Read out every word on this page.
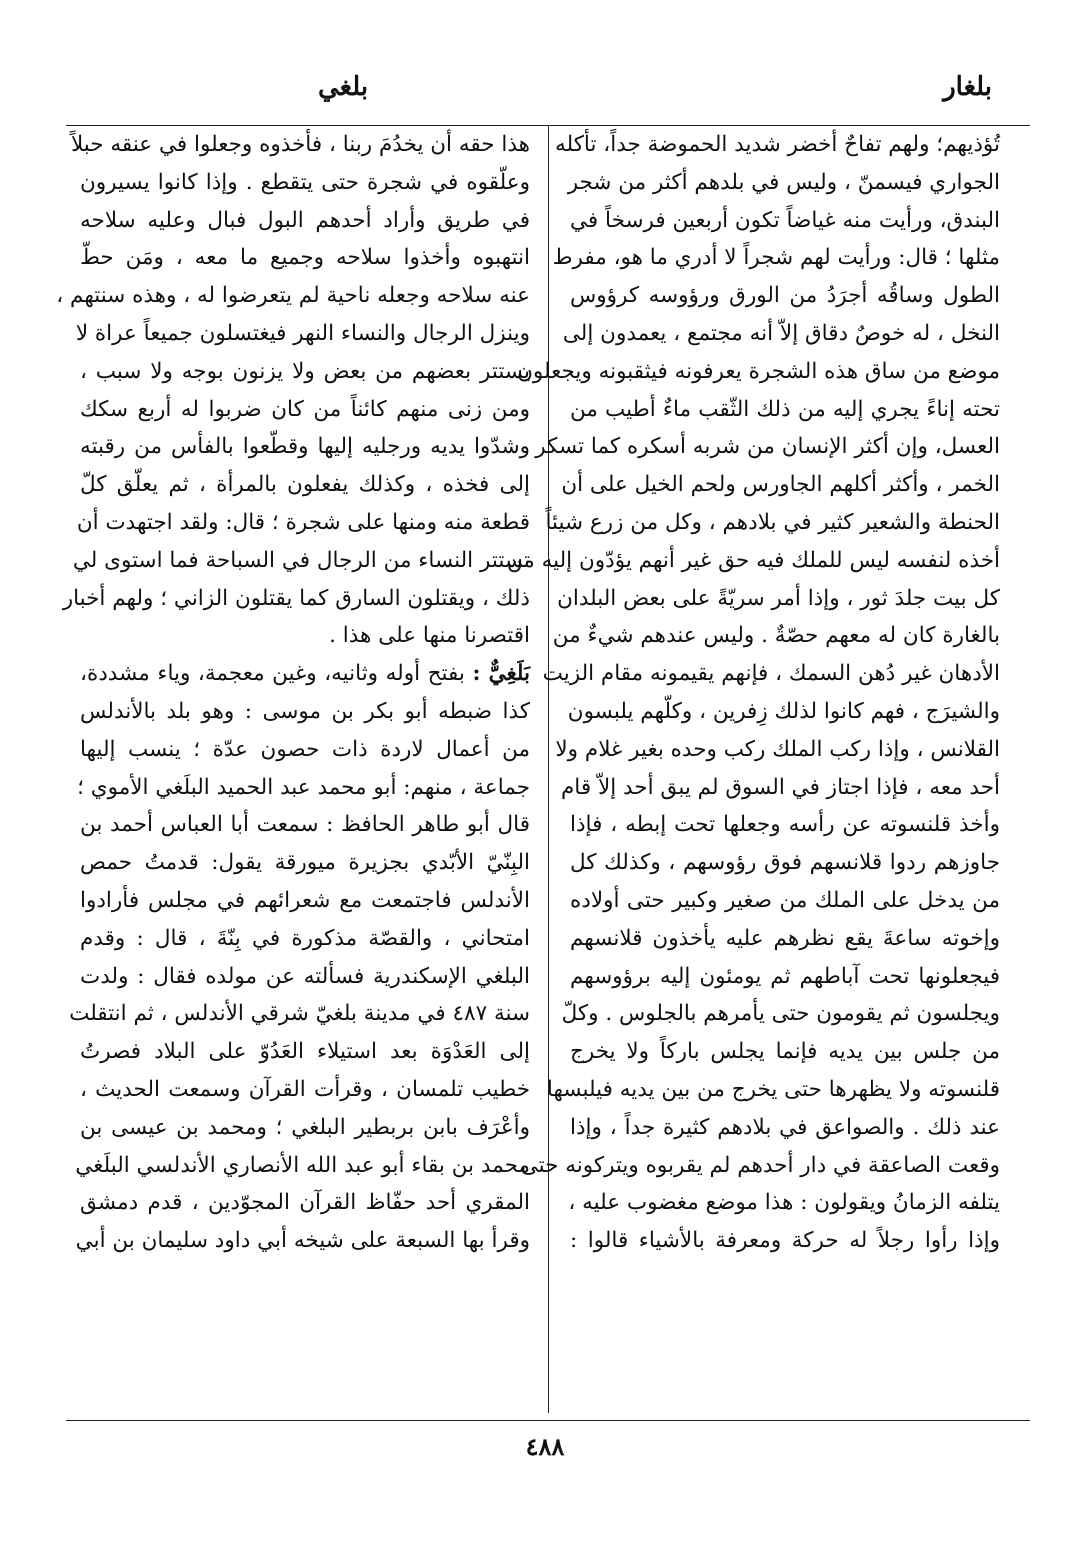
بلغار
بلغي
تُؤذيهم؛ ولهم تفاحٌ أخضر شديد الحموضة جداً، تأكله
الجواري فيسمنّ ، وليس في بلدهم أكثر من شجر
البندق، ورأيت منه غياضاً تكون أربعين فرسخاً في
مثلها ؛ قال: ورأيت لهم شجراً لا أدري ما هو، مفرط
الطول وساقُه أجرَدُ من الورق ورؤوسه كرؤوس
النخل ، له خوصٌ دقاق إلاّ أنه مجتمع ، يعمدون إلى
موضع من ساق هذه الشجرة يعرفونه فيثقبونه ويجعلون
تحته إناءً يجري إليه من ذلك الثّقب ماءٌ أطيب من
العسل، وإن أكثر الإنسان من شربه أسكره كما تسكر
الخمر ، وأكثر أكلهم الجاورس ولحم الخيل على أن
الحنطة والشعير كثير في بلادهم ، وكل من زرع شيئاً
أخذه لنفسه ليس للملك فيه حق غير أنهم يؤدّون إليه من
كل بيت جلدَ ثور ، وإذا أمر سريّةً على بعض البلدان
بالغارة كان له معهم حصّةٌ . وليس عندهم شيءٌ من
الأدهان غير دُهن السمك ، فإنهم يقيمونه مقام الزيت
والشيرَج ، فهم كانوا لذلك زِفرين ، وكلّهم يلبسون
القلانس ، وإذا ركب الملك ركب وحده بغير غلام ولا
أحد معه ، فإذا اجتاز في السوق لم يبق أحد إلاّ قام
وأخذ قلنسوته عن رأسه وجعلها تحت إبطه ، فإذا
جاوزهم ردوا قلانسهم فوق رؤوسهم ، وكذلك كل
من يدخل على الملك من صغير وكبير حتى أولاده
وإخوته ساعةَ يقع نظرهم عليه يأخذون قلانسهم
فيجعلونها تحت آباطهم ثم يومئون إليه برؤوسهم
ويجلسون ثم يقومون حتى يأمرهم بالجلوس . وكلّ
من جلس بين يديه فإنما يجلس باركاً ولا يخرج
قلنسوته ولا يظهرها حتى يخرج من بين يديه فيلبسها
عند ذلك . والصواعق في بلادهم كثيرة جداً ، وإذا
وقعت الصاعقة في دار أحدهم لم يقربوه ويتركونه حتى
يتلفه الزمانُ ويقولون : هذا موضع مغضوب عليه ،
وإذا رأوا رجلاً له حركة ومعرفة بالأشياء قالوا :
هذا حقه أن يخدُمَ ربنا ، فأخذوه وجعلوا في عنقه حبلاً
وعلّقوه في شجرة حتى يتقطع . وإذا كانوا يسيرون
في طريق وأراد أحدهم البول فبال وعليه سلاحه
انتهبوه وأخذوا سلاحه وجميع ما معه ، ومَن حطّ
عنه سلاحه وجعله ناحية لم يتعرضوا له ، وهذه سنتهم ،
وينزل الرجال والنساء النهر فيغتسلون جميعاً عراة لا
يستتر بعضهم من بعض ولا يزنون بوجه ولا سبب ،
ومن زنى منهم كائناً من كان ضربوا له أربع سكك
وشدّوا يديه ورجليه إليها وقطّعوا بالفأس من رقبته
إلى فخذه ، وكذلك يفعلون بالمرأة ، ثم يعلّق كلّ
قطعة منه ومنها على شجرة ؛ قال: ولقد اجتهدت أن
تستتر النساء من الرجال في السباحة فما استوى لي
ذلك ، ويقتلون السارق كما يقتلون الزاني ؛ ولهم أخبار
اقتصرنا منها على هذا .
بَلَغِيٌّ : بفتح أوله وثانيه، وغين معجمة، وياء مشددة،
كذا ضبطه أبو بكر بن موسى : وهو بلد بالأندلس
من أعمال لاردة ذات حصون عدّة ؛ ينسب إليها
جماعة ، منهم: أبو محمد عبد الحميد البلَغي الأموي ؛
قال أبو طاهر الحافظ : سمعت أبا العباس أحمد بن
البِنّيّ الأبّدي بجزيرة ميورقة يقول: قدمتُ حمص
الأندلس فاجتمعت مع شعرائهم في مجلس فأرادوا
امتحاني ، والقصّة مذكورة في بِنّةَ ، قال : وقدم
البلغي الإسكندرية فسألته عن مولده فقال : ولدت
سنة ٤٨٧ في مدينة بلغيّ شرقي الأندلس ، ثم انتقلت
إلى العَدْوَة بعد استيلاء العَدُوّ على البلاد فصرتُ
خطيب تلمسان ، وقرأت القرآن وسمعت الحديث ،
وأعْرَف بابن بربطير البلغي ؛ ومحمد بن عيسى بن
محمد بن بقاء أبو عبد الله الأنصاري الأندلسي البلَغي
المقري أحد حفّاظ القرآن المجوّدين ، قدم دمشق
وقرأ بها السبعة على شيخه أبي داود سليمان بن أبي
٤٨٨
